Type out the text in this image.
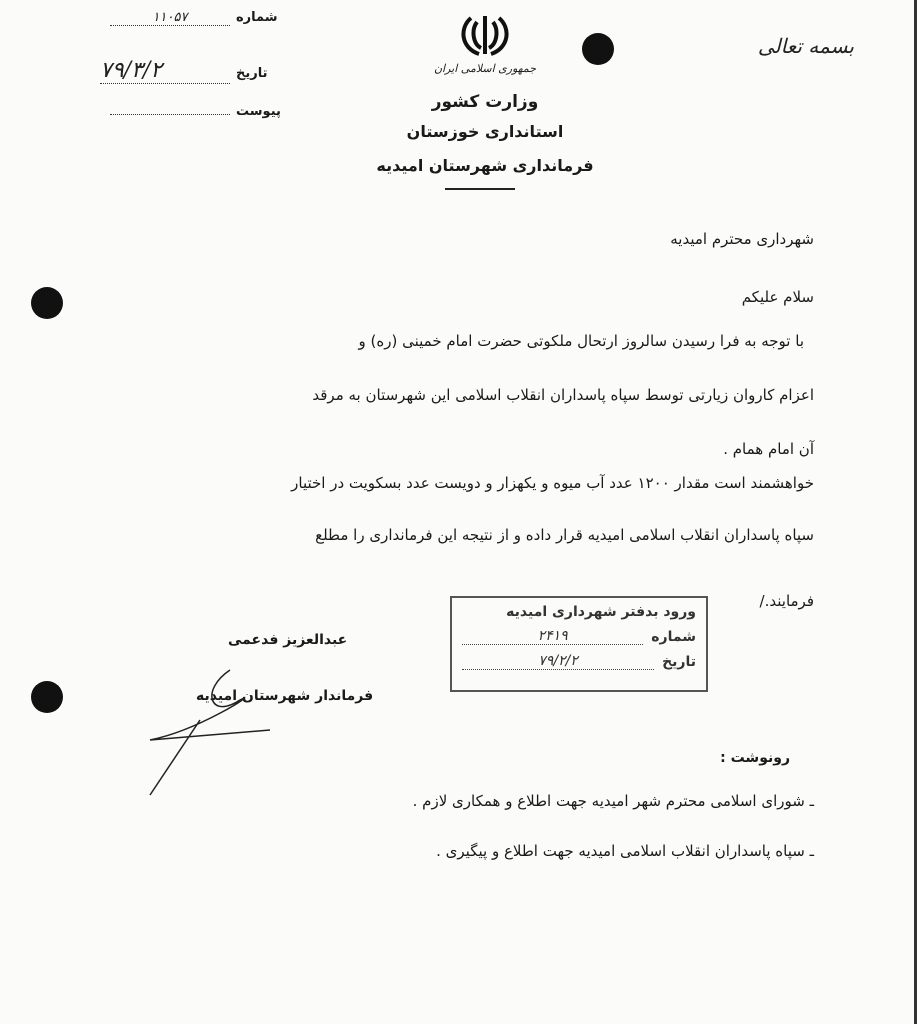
بسمه تعالی
شماره۱۱۰۵۷
تاریخ۷۹/۳/۲
پیوست
جمهوری اسلامی ایران
وزارت کشور
استانداری خوزستان
فرمانداری شهرستان امیدیه
شهرداری محترم امیدیه
سلام علیکم
با توجه به فرا رسیدن سالروز ارتحال ملکوتی حضرت امام خمینی (ره) و
اعزام کاروان زیارتی توسط سپاه پاسداران انقلاب اسلامی این شهرستان به مرقد
آن امام همام .
خواهشمند است مقدار ۱۲۰۰ عدد آب میوه و یکهزار و دویست عدد بسکویت در اختیار
سپاه پاسداران انقلاب اسلامی امیدیه قرار داده و از نتیجه این فرمانداری را مطلع
فرمایند./
عبدالعزیز فدعمی
فرماندار شهرستان امیدیه
ورود بدفتر شهرداری امیدیه
شماره
۲۴۱۹
تاریخ
۷۹/۲/۲
رونوشت :
ـ شورای اسلامی محترم شهر امیدیه جهت اطلاع و همکاری لازم .
ـ سپاه پاسداران انقلاب اسلامی امیدیه جهت اطلاع و پیگیری .
